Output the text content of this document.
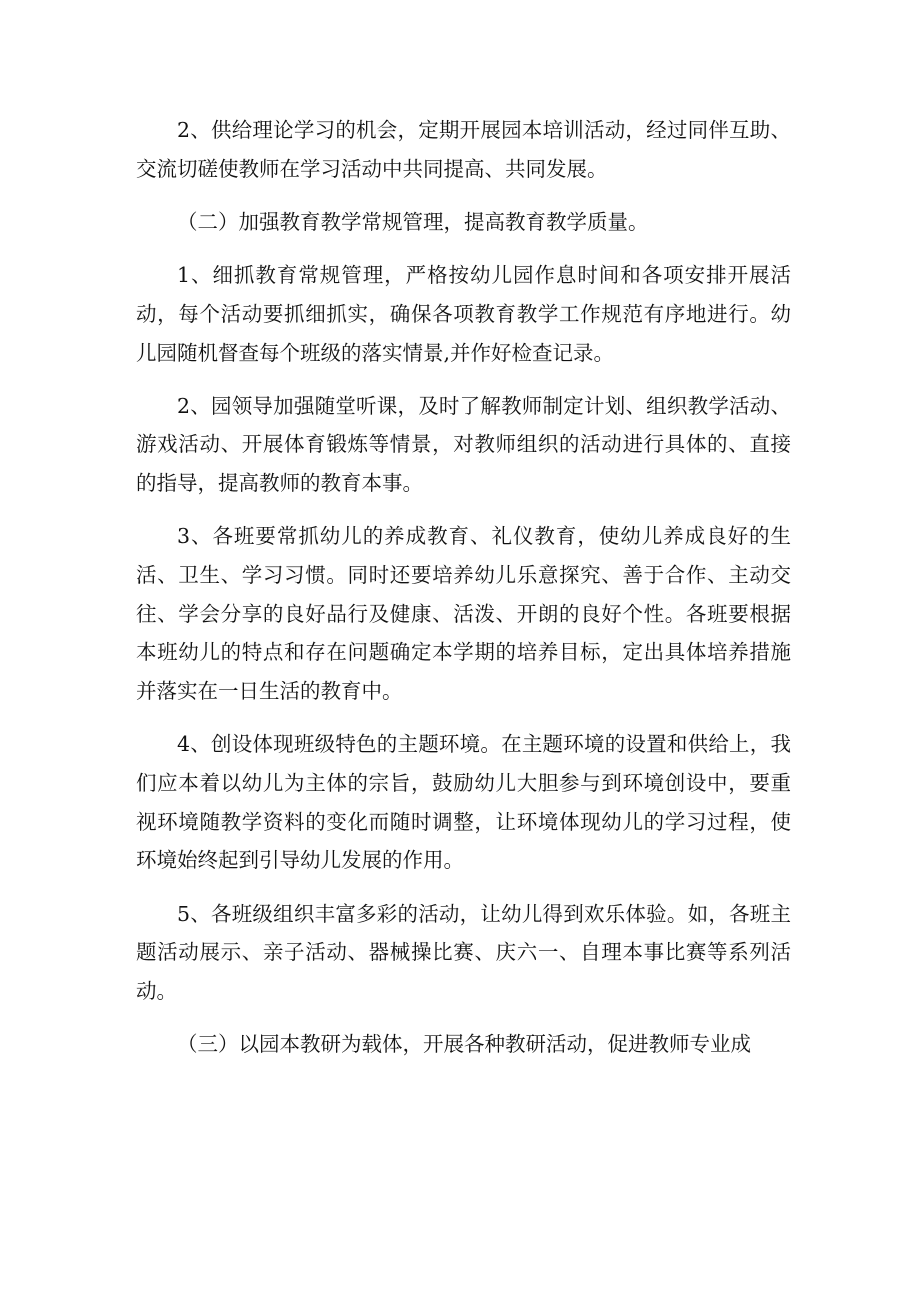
2、供给理论学习的机会，定期开展园本培训活动，经过同伴互助、交流切磋使教师在学习活动中共同提高、共同发展。

（二）加强教育教学常规管理，提高教育教学质量。

1、细抓教育常规管理，严格按幼儿园作息时间和各项安排开展活动，每个活动要抓细抓实，确保各项教育教学工作规范有序地进行。幼儿园随机督查每个班级的落实情景,并作好检查记录。

2、园领导加强随堂听课，及时了解教师制定计划、组织教学活动、游戏活动、开展体育锻炼等情景，对教师组织的活动进行具体的、直接的指导，提高教师的教育本事。

3、各班要常抓幼儿的养成教育、礼仪教育，使幼儿养成良好的生活、卫生、学习习惯。同时还要培养幼儿乐意探究、善于合作、主动交往、学会分享的良好品行及健康、活泼、开朗的良好个性。各班要根据本班幼儿的特点和存在问题确定本学期的培养目标，定出具体培养措施并落实在一日生活的教育中。

4、创设体现班级特色的主题环境。在主题环境的设置和供给上，我们应本着以幼儿为主体的宗旨，鼓励幼儿大胆参与到环境创设中，要重视环境随教学资料的变化而随时调整，让环境体现幼儿的学习过程，使环境始终起到引导幼儿发展的作用。

5、各班级组织丰富多彩的活动，让幼儿得到欢乐体验。如，各班主题活动展示、亲子活动、器械操比赛、庆六一、自理本事比赛等系列活动。

（三）以园本教研为载体，开展各种教研活动，促进教师专业成
